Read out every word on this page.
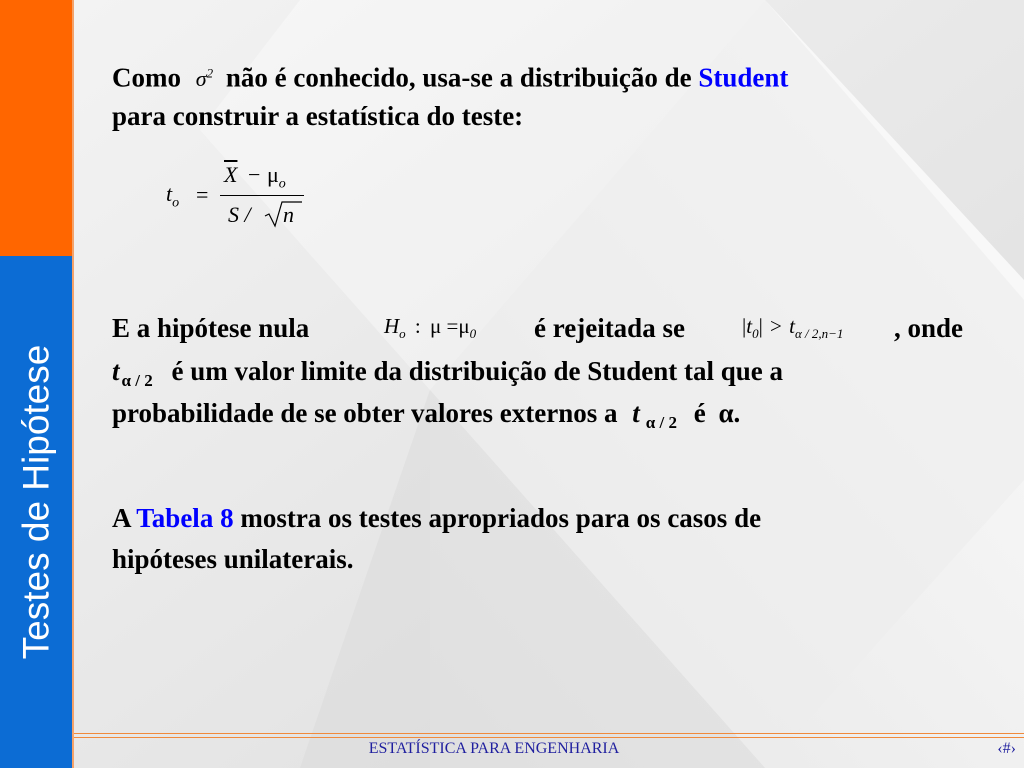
Testes de Hipótese
Como $\sigma^2$ não é conhecido, usa-se a distribuição de Student
para construir a estatística do teste:
$t_o$ =
$\overline{X} - \mu_o$
S / n
E a hipótese nula	$H_o$ : $\mu =\mu_0$ é rejeitada se	$|t_0| > t_{\alpha / 2,n-1}$ , onde
t $_{\alpha / 2}$ é um valor limite da distribuição de Student tal que a
probabilidade de se obter valores externos a t $_{\alpha / 2}$ é α.
A Tabela 8 mostra os testes apropriados para os casos de
hipóteses unilaterais.
ESTATÍSTICA PARA ENGENHARIA	‹#›
